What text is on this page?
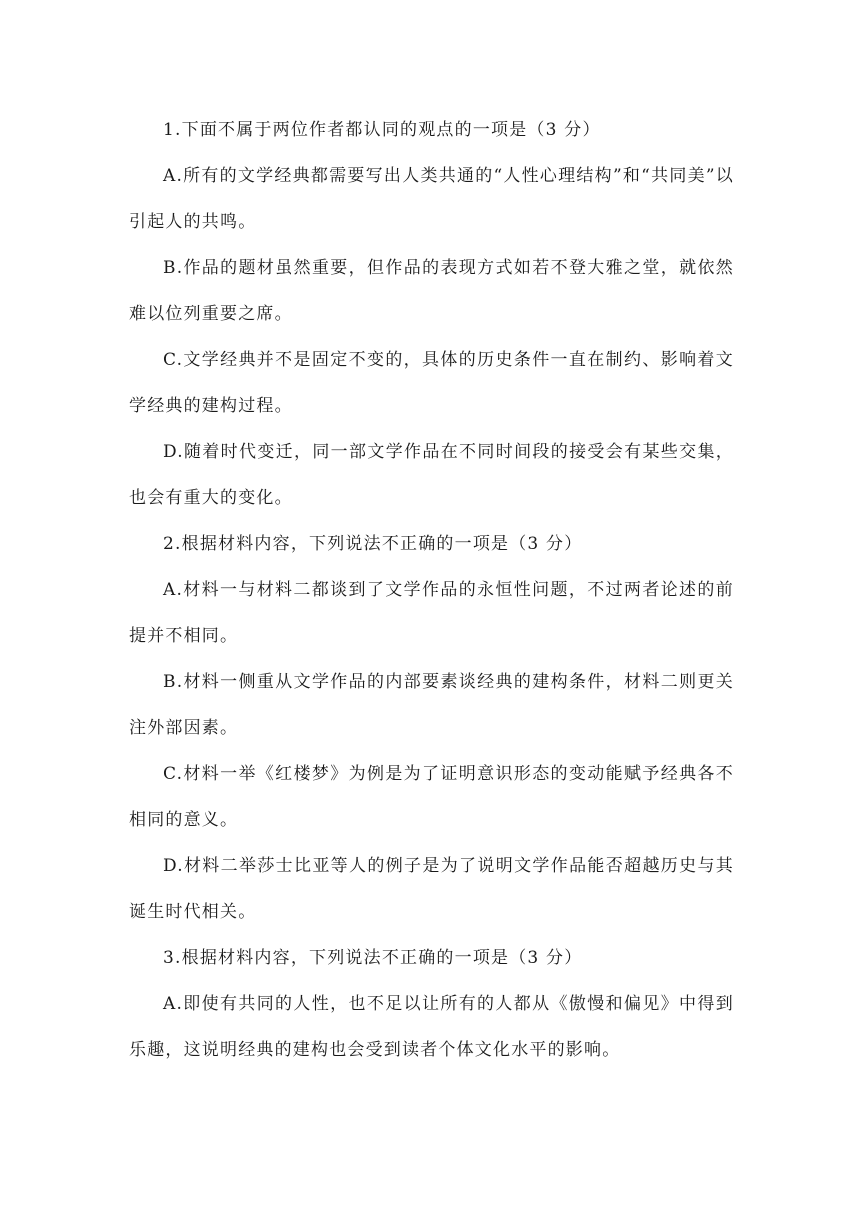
1.下面不属于两位作者都认同的观点的一项是（3 分）

A.所有的文学经典都需要写出人类共通的“人性心理结构”和“共同美”以引起人的共鸣。

B.作品的题材虽然重要，但作品的表现方式如若不登大雅之堂，就依然难以位列重要之席。

C.文学经典并不是固定不变的，具体的历史条件一直在制约、影响着文学经典的建构过程。

D.随着时代变迁，同一部文学作品在不同时间段的接受会有某些交集，也会有重大的变化。

2.根据材料内容，下列说法不正确的一项是（3 分）

A.材料一与材料二都谈到了文学作品的永恒性问题，不过两者论述的前提并不相同。

B.材料一侧重从文学作品的内部要素谈经典的建构条件，材料二则更关注外部因素。

C.材料一举《红楼梦》为例是为了证明意识形态的变动能赋予经典各不相同的意义。

D.材料二举莎士比亚等人的例子是为了说明文学作品能否超越历史与其诞生时代相关。

3.根据材料内容，下列说法不正确的一项是（3 分）

A.即使有共同的人性，也不足以让所有的人都从《傲慢和偏见》中得到乐趣，这说明经典的建构也会受到读者个体文化水平的影响。
